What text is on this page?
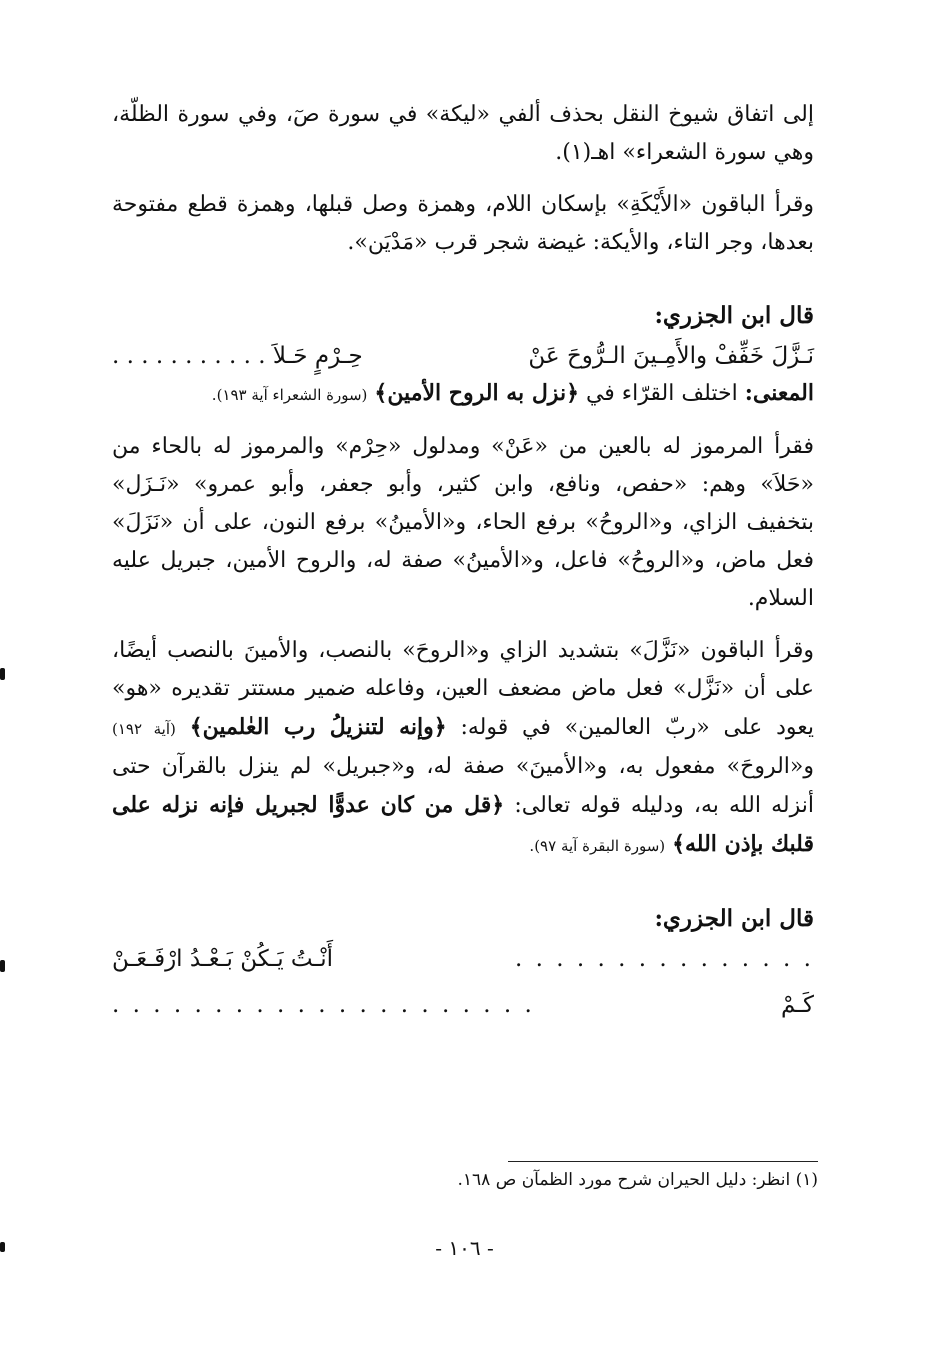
إلى اتفاق شيوخ النقل بحذف ألفي «ليكة» في سورة صٓ، وفي سورة الظلّة، وهي سورة الشعراء» اهـ(١).

وقرأ الباقون «الأَيْكَةِ» بإسكان اللام، وهمزة وصل قبلها، وهمزة قطع مفتوحة بعدها، وجر التاء، والأيكة: غيضة شجر قرب «مَدْيَن».

قال ابن الجزري:
نَـزَّلَ خَفِّفْ والأَمِـينَ الـرُّوحَ عَنْ
حِـرْمٍ حَـلاَ . . . . . . . . . . .

المعنى: اختلف القرّاء في ﴿نزل به الروح الأمين﴾ (سورة الشعراء آية ١٩٣).

فقرأ المرموز له بالعين من «عَنْ» ومدلول «حِرْم» والمرموز له بالحاء من «حَلاَ» وهم: «حفص، ونافع، وابن كثير، وأبو جعفر، وأبو عمرو» «نَـزَل» بتخفيف الزاي، و«الروحُ» برفع الحاء، و«الأمينُ» برفع النون، على أن «نَزَلَ» فعل ماض، و«الروحُ» فاعل، و«الأمينُ» صفة له، والروح الأمين، جبريل عليه السلام.

وقرأ الباقون «نَزَّلَ» بتشديد الزاي و«الروحَ» بالنصب، والأمينَ بالنصب أيضًا، على أن «نَزَّل» فعل ماض مضعف العين، وفاعله ضمير مستتر تقديره «هو» يعود على «ربّ العالمين» في قوله: ﴿وإنه لتنزيلُ رب العٰلمين﴾ (آية ١٩٢) و«الروحَ» مفعول به، و«الأمينَ» صفة له، و«جبريل» لم ينزل بالقرآن حتى أنزله الله به، ودليله قوله تعالى: ﴿قل من كان عدوًّا لجبريل فإنه نزله على قلبك بإذن الله﴾ (سورة البقرة آية ٩٧).

قال ابن الجزري:
. . . . . . . . . . . . . . .
أَنْـتُ يَـكُنْ بَـعْـدُ ارْفَـعَـنْ
كَـمْ
. . . . . . . . . . . . . . . . . . . . .
(١) انظر: دليل الحيران شرح مورد الظمآن ص ١٦٨.
- ١٠٦ -
